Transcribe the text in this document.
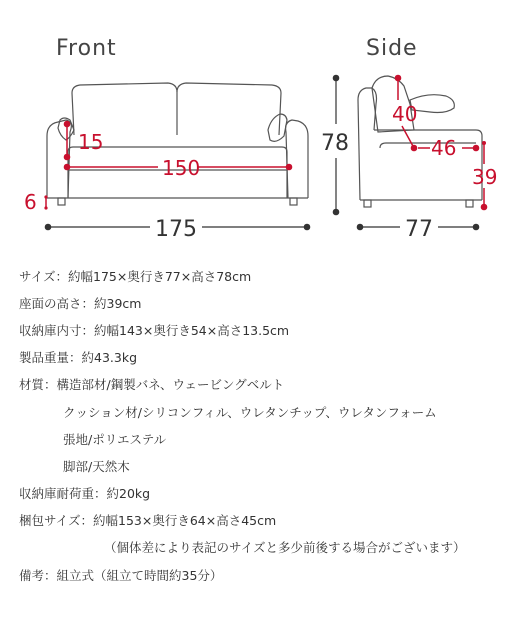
Front
15
150
6
175
Side
78
40
46
39
77
サイズ： 約幅175×奥行き77×高さ78cm
座面の高さ： 約39cm
収納庫内寸： 約幅143×奥行き54×高さ13.5cm
製品重量： 約43.3kg
材質： 構造部材/鋼製バネ、ウェービングベルト
クッション材/シリコンフィル、ウレタンチップ、ウレタンフォーム
張地/ポリエステル
脚部/天然木
収納庫耐荷重： 約20kg
梱包サイズ： 約幅153×奥行き64×高さ45cm
（個体差により表記のサイズと多少前後する場合がございます）
備考： 組立式（組立て時間約35分）
